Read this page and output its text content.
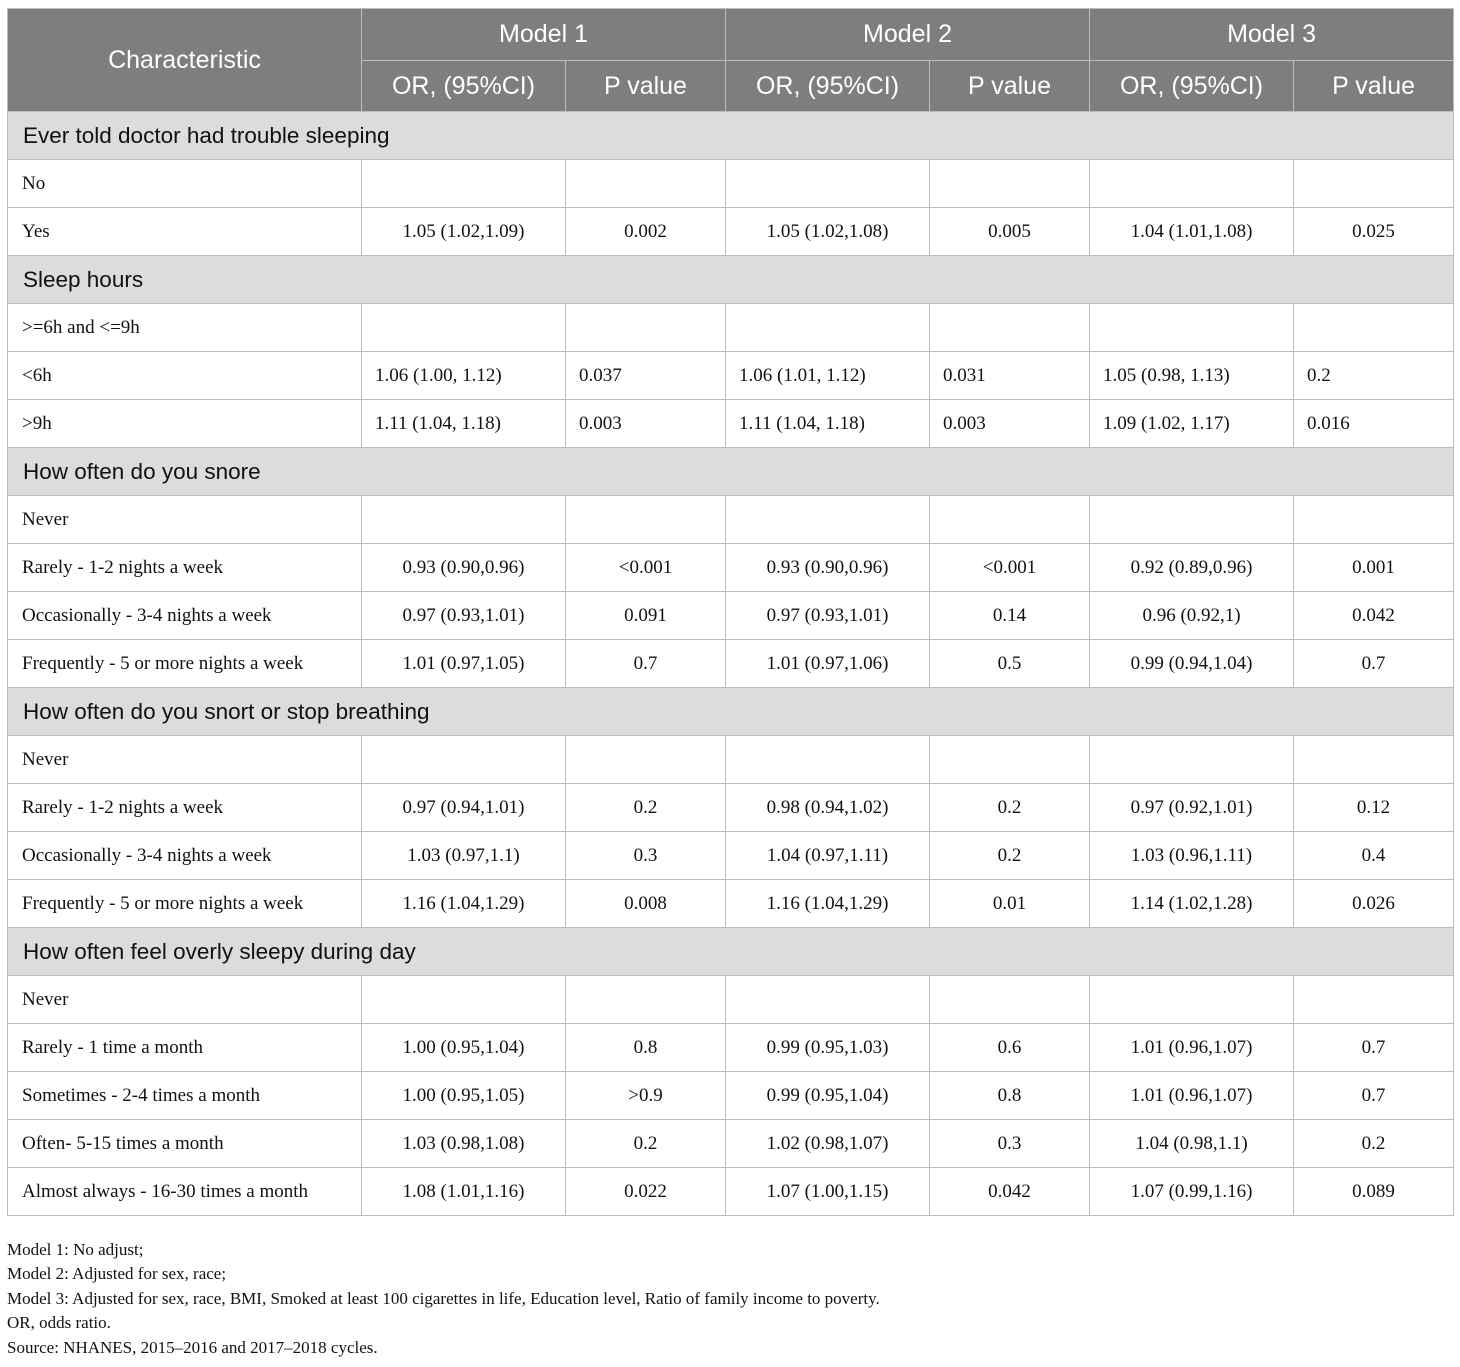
Characteristic	Model 1		Model 2		Model 3	
	OR, (95%CI)	P value	OR, (95%CI)	P value	OR, (95%CI)	P value
Ever told doctor had trouble sleeping						
No						
Yes	1.05 (1.02,1.09)	0.002	1.05 (1.02,1.08)	0.005	1.04 (1.01,1.08)	0.025
Sleep hours						
>=6h and <=9h						
<6h	1.06 (1.00, 1.12)	0.037	1.06 (1.01, 1.12)	0.031	1.05 (0.98, 1.13)	0.2
>9h	1.11 (1.04, 1.18)	0.003	1.11 (1.04, 1.18)	0.003	1.09 (1.02, 1.17)	0.016
How often do you snore						
Never						
Rarely - 1-2 nights a week	0.93 (0.90,0.96)	<0.001	0.93 (0.90,0.96)	<0.001	0.92 (0.89,0.96)	0.001
Occasionally - 3-4 nights a week	0.97 (0.93,1.01)	0.091	0.97 (0.93,1.01)	0.14	0.96 (0.92,1)	0.042
Frequently - 5 or more nights a week	1.01 (0.97,1.05)	0.7	1.01 (0.97,1.06)	0.5	0.99 (0.94,1.04)	0.7
How often do you snort or stop breathing						
Never						
Rarely - 1-2 nights a week	0.97 (0.94,1.01)	0.2	0.98 (0.94,1.02)	0.2	0.97 (0.92,1.01)	0.12
Occasionally - 3-4 nights a week	1.03 (0.97,1.1)	0.3	1.04 (0.97,1.11)	0.2	1.03 (0.96,1.11)	0.4
Frequently - 5 or more nights a week	1.16 (1.04,1.29)	0.008	1.16 (1.04,1.29)	0.01	1.14 (1.02,1.28)	0.026
How often feel overly sleepy during day						
Never						
Rarely - 1 time a month	1.00 (0.95,1.04)	0.8	0.99 (0.95,1.03)	0.6	1.01 (0.96,1.07)	0.7
Sometimes - 2-4 times a month	1.00 (0.95,1.05)	>0.9	0.99 (0.95,1.04)	0.8	1.01 (0.96,1.07)	0.7
Often- 5-15 times a month	1.03 (0.98,1.08)	0.2	1.02 (0.98,1.07)	0.3	1.04 (0.98,1.1)	0.2
Almost always - 16-30 times a month	1.08 (1.01,1.16)	0.022	1.07 (1.00,1.15)	0.042	1.07 (0.99,1.16)	0.089
Model 1: No adjust;
Model 2: Adjusted for sex, race;
Model 3: Adjusted for sex, race, BMI, Smoked at least 100 cigarettes in life, Education level, Ratio of family income to poverty.
OR, odds ratio.
Source: NHANES, 2015–2016 and 2017–2018 cycles.
